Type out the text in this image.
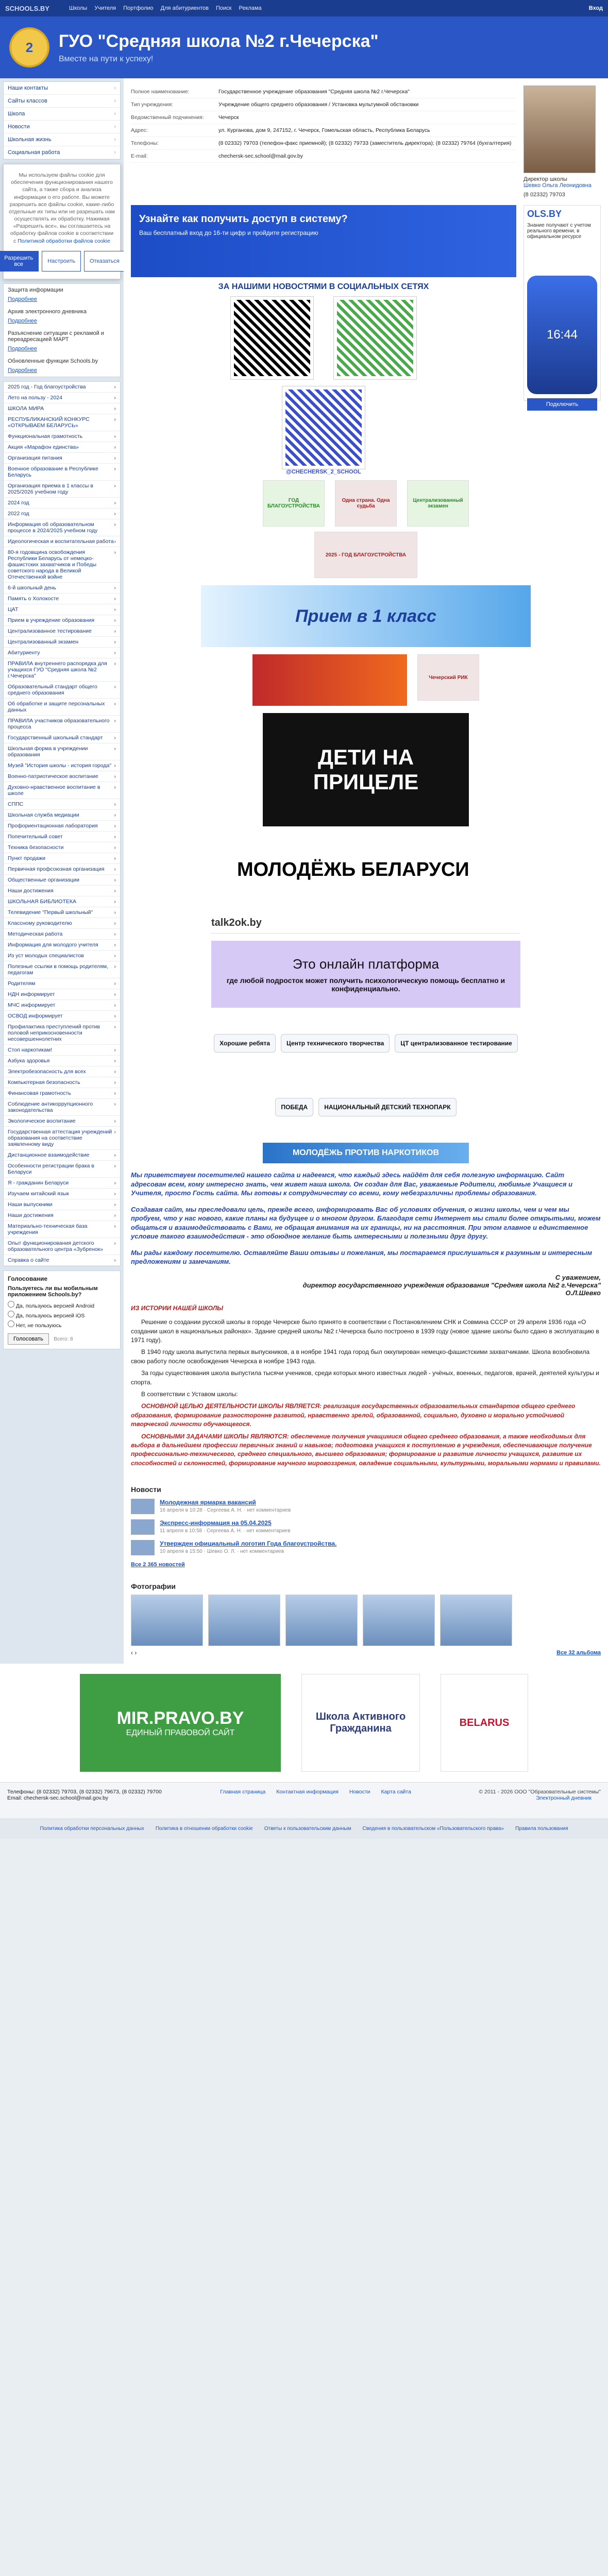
SCHOOLS.BY	Школы Учителя Портфолио Для абитуриентов Поиск Реклама	Вход
2	ГУО "Средняя школа №2 г.Чечерска"
Вместе на пути к успеху!
Наши контакты	›
Сайты классов	›
Школа	›
Новости	›
Школьная жизнь	›
Социальная работа	›

Мы используем файлы cookie для обеспечения функционирования нашего сайта, а также сбора и анализа информации о его работе. Вы можете разрешить все файлы cookie, какие-либо отдельные их типы или не разрешать нам осуществлять их обработку. Нажимая «Разрешить все», вы соглашаетесь на обработку файлов cookie в соответствии с Политикой обработки файлов cookie

Разрешить все	Настроить	Отказаться
Защита информации
Подробнее
Архив электронного дневника
Подробнее
Разъяснение ситуации с рекламой и переадресацией МАРТ
Подробнее
Обновленные функции Schools.by
Подробнее
2025 год - Год благоустройства	›
Лето на пользу - 2024	›
ШКОЛА МИРА	›
РЕСПУБЛИКАНСКИЙ КОНКУРС «ОТКРЫВАЕМ БЕЛАРУСЬ»
›
Функциональная грамотность	›
Акция «Марафон единства»	›
Организация питания	›
Военное образование в Республике Беларусь
›
Организация приема в 1 классы в 2025/2026 учебном году
›
2024 год	›
2022 год	›
Информация об образовательном процессе в 2024/2025 учебном году
›
Идеологическая и воспитательная работа ›
80-я годовщина освобождения Республики Беларусь от немецко-фашистских захватчиков и Победы советского народа в Великой Отечественной войне
›
6-й школьный день	›
Память о Холокосте	›
ЦАТ	›
Прием в учреждение образования	›
Централизованное тестирование	›
Централизованный экзамен	›
Абитуриенту	›
ПРАВИЛА внутреннего распорядка для учащихся ГУО "Средняя школа №2 г.Чечерска"
›
Образовательный стандарт общего среднего образования
›
Об обработке и защите персональных данных
›
ПРАВИЛА участников образовательного процесса
›
Государственный школьный стандарт ›
Школьная форма в учреждении образования
›
Музей "История школы - история города" ›
Военно-патриотическое воспитание	›
Духовно-нравственное воспитание в школе
›
СППС	›
Школьная служба медиации	›
Профориентационная лаборатория	›
Попечительный совет	›
Техника безопасности	›
Пункт продажи	›
Первичная профсоюзная организация ›
Общественные организации	›
Наши достижения	›
ШКОЛЬНАЯ БИБЛИОТЕКА	›
Телевидение "Первый школьный"	›
Классному руководителю	›
Методическая работа	›
Информация для молодого учителя	›
Из уст молодых специалистов	›
Полезные ссылки в помощь родителям, педагогам
›
Родителям	›
НДН информирует	›
МЧС информирует	›
ОСВОД информирует	›
Профилактика преступлений против половой неприкосновенности несовершеннолетних
›
Стоп наркотикам!	›
Азбука здоровья	›
Электробезопасность для всех	›
Компьютерная безопасность	›
Финансовая грамотность	›
Соблюдение антикоррупционного законодательства
›
Экологическое воспитание	›
Государственная аттестация учреждений образования на соответствие заявленному виду
›
Дистанционное взаимодействие	›
Особенности регистрации брака в Беларуси
›
Я - гражданин Беларуси	›
Изучаем китайский язык	›
Наши выпускники	›
Наши достижения	›
Материально-техническая база учреждения
›
Опыт функционирования детского образовательного центра «Зубренок»
›
Справка о сайте	›
Голосование
Пользуетесь ли вы мобильным приложением Schools.by?
Да, пользуюсь версией Android
Да, пользуюсь версией iOS
Нет, не пользуюсь
Голосовать Всего: 8
Полное наименование:	Государственное учреждение образования "Средняя школа №2 г.Чечерска"
Тип учреждения:	Учреждение общего среднего образования / Установка мультумной обстановки
Ведомственный подчинения:	Чечерск
Адрес:	ул. Курганова, дом 9, 247152, г. Чечерск, Гомельская область, Республика Беларусь
Телефоны:	(8 02332) 79703 (телефон-факс приемной); (8 02332) 79733 (заместитель директора); (8 02332) 79764 (бухгалтерия)
E-mail:	chechersk-sec.school@mail.gov.by
Директор школы
Шевко Ольга Леонидовна
(8 02332) 79703
Узнайте как получить доступ в систему?
Ваш бесплатный вход до 16-ти цифр и пройдите регистрацию
ЗА НАШИМИ НОВОСТЯМИ В СОЦИАЛЬНЫХ СЕТЯХ
@CHECHERSK_2_SCHOOL
OLS.BY
Знание получают с учетом реального времени, в официальном ресурсе
16:44
Подключить
ГОД БЛАГОУСТРОЙСТВА
Одна страна. Одна судьба
Централизованный экзамен
2025 - ГОД БЛАГОУСТРОЙСТВА
Прием в 1 класс
Чечерский РИК
ДЕТИ НА ПРИЦЕЛЕ
МОЛОДЁЖЬ БЕЛАРУСИ
talk2ok.by
Это онлайн платформа
где любой подросток может получить психологическую помощь бесплатно и конфиденциально.
Хорошие ребята	Центр технического творчества	ЦТ централизованное тестирование
ПОБЕДА	НАЦИОНАЛЬНЫЙ ДЕТСКИЙ ТЕХНОПАРК
МОЛОДЁЖЬ ПРОТИВ НАРКОТИКОВ

Мы приветствуем посетителей нашего сайта и надеемся, что каждый здесь найдёт для себя полезную информацию. Сайт адресован всем, кому интересно знать, чем живет наша школа. Он создан для Вас, уважаемые Родители, любимые Учащиеся и Учителя, просто Гость сайта. Мы готовы к сотрудничеству со всеми, кому небезразличны проблемы образования.

Создавая сайт, мы преследовали цель, прежде всего, информировать Вас об условиях обучения, о жизни школы, чем и чем мы пробуем, что у нас нового, какие планы на будущее и о многом другом. Благодаря сети Интернет мы стали более открытыми, можем общаться и взаимодействовать с Вами, не обращая внимания на их границы, ни на расстояния. При этом главное и единственное условие такого взаимодействия - это обоюдное желание быть интересными и полезными друг другу.

Мы рады каждому посетителю. Оставляйте Ваши отзывы и пожелания, мы постараемся прислушаться к разумным и интересным предложениям и замечаниям.

С уважением,
директор государственного учреждения образования "Средняя школа №2 г.Чечерска"
О.Л.Шевко
ИЗ ИСТОРИИ НАШЕЙ ШКОЛЫ

Решение о создании русской школы в городе Чечерске было принято в соответствии с Постановлением СНК и Совмина СССР от 29 апреля 1936 года «О создании школ в национальных районах». Здание средней школы №2 г.Чечерска было построено в 1939 году (новое здание школы было сдано в эксплуатацию в 1971 году).

В 1940 году школа выпустила первых выпускников, а в ноябре 1941 года город был оккупирован немецко-фашистскими захватчиками. Школа возобновила свою работу после освобождения Чечерска в ноябре 1943 года.

За годы существования школа выпустила тысячи учеников, среди которых много известных людей - учёных, военных, педагогов, врачей, деятелей культуры и спорта.

В соответствии с Уставом школы:

ОСНОВНОЙ ЦЕЛЬЮ ДЕЯТЕЛЬНОСТИ ШКОЛЫ ЯВЛЯЕТСЯ: реализация государственных образовательных стандартов общего среднего образования, формирование разносторонне развитой, нравственно зрелой, образованной, социально, духовно и морально устойчивой творческой личности обучающегося.

ОСНОВНЫМИ ЗАДАЧАМИ ШКОЛЫ ЯВЛЯЮТСЯ: обеспечение получения учащимися общего среднего образования, а также необходимых для выбора в дальнейшем профессии первичных знаний и навыков; подготовка учащихся к поступлению в учреждения, обеспечивающие получение профессионально-технического, среднего специального, высшего образования; формирование и развитие личности учащихся, развитие их способностей и склонностей, формирование научного мировоззрения, овладение социальными, культурными, моральными нормами и правилами.

Новости
Молодежная ярмарка вакансий
16 апреля в 10:28 · Сергеева А. Н. · нет комментариев
Экспресс-информация на 05.04.2025
11 апреля в 10:58 · Сергеева А. Н. · нет комментариев
Утвержден официальный логотип Года благоустройства.
10 апреля в 15:50 · Шевко О. Л. · нет комментариев
Все 2 365 новостей
Фотографии
‹ ›	Все 32 альбома
MIR.PRAVO.BY
ЕДИНЫЙ ПРАВОВОЙ САЙТ
Школа Активного Гражданина
BELARUS
Телефоны: (8 02332) 79703, (8 02332) 79673, (8 02332) 79700
Email: chechersk-sec.school@mail.gov.by
Главная страница Контактная информация Новости Карта сайта	© 2011 - 2026 ООО "Образовательные системы"
Электронный дневник
Политика обработки персональных данных Политика в отношении обработки cookie Ответы к пользовательским данным Сведения в пользовательском «Пользовательского права» Правила пользования
